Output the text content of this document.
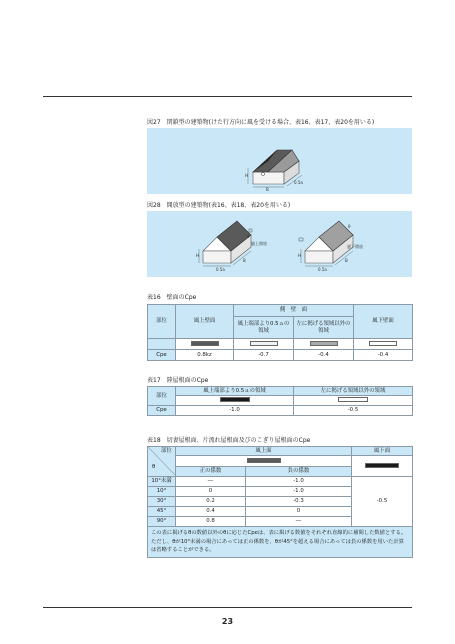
図27　閉鎖型の建築物(けた行方向に風を受ける場合、表16、表17、表20を用いる)
H
B
0.5a
図28　開放型の建築物(表16、表18、表20を用いる)
H
0.5a
B
θ
風上開放
H
0.5a
B
θ
風下開放
表16　壁面のCpe
部位	風上壁面	側　壁　面		風下壁面
		風上端部より0.5ａの領域	左に掲げる領域以外の領域	

Cpe	0.8kz	-0.7	-0.4	-0.4
表17　陸屋根面のCpe
部位	風上端部より0.5ａの領域	左に掲げる領域以外の領域

Cpe	-1.0	-0.5
表18　切妻屋根面、片流れ屋根面及びのこぎり屋根面のCpe
部位
θ	風上面		風下面

	正の係数	負の係数	
10°未満	―	-1.0	-0.5
10°	0	-1.0	
30°	0.2	-0.3	
45°	0.4	0	
90°	0.8	―	
この表に掲げるθの数値以外のθに応じたCpeは、表に掲げる数値をそれぞれ直線的に補間した数値とする。ただし、θが10°未満の場合にあっては正の係数を、θが45°を超える場合にあっては負の係数を用いた計算は省略することができる。			
23
